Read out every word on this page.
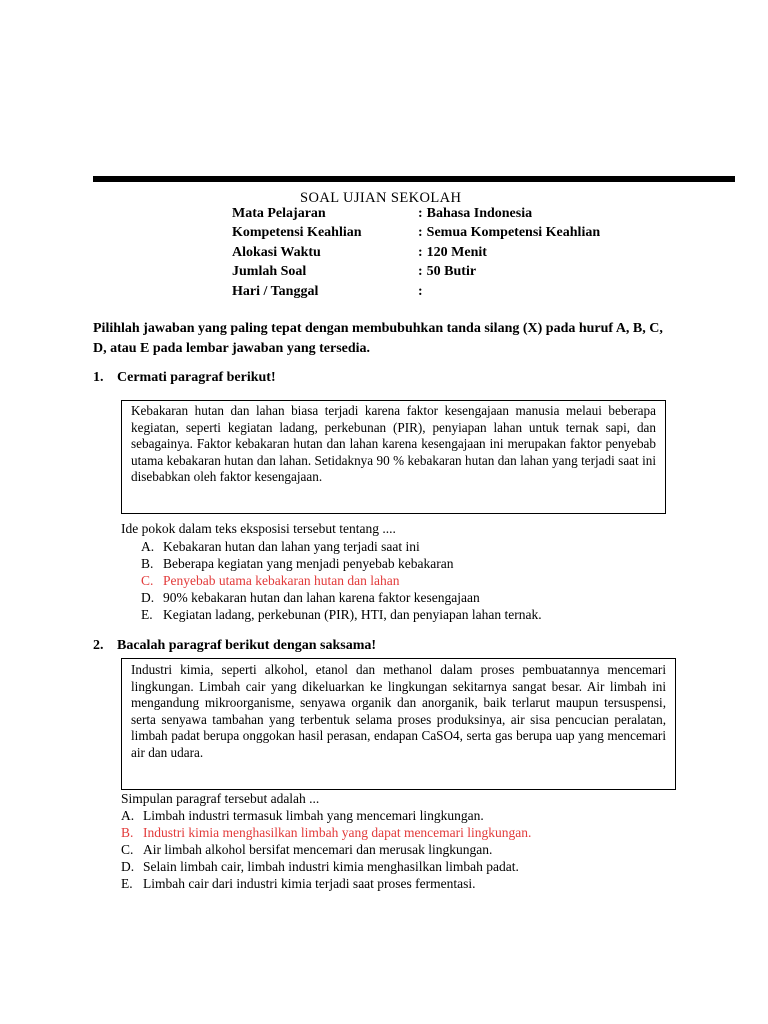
SOAL UJIAN SEKOLAH
Mata Pelajaran	: Bahasa Indonesia
Kompetensi Keahlian	: Semua Kompetensi Keahlian
Alokasi Waktu	: 120 Menit
Jumlah Soal	: 50 Butir
Hari / Tanggal	:
Pilihlah jawaban yang paling tepat dengan membubuhkan tanda silang (X) pada huruf A, B, C, D, atau E pada lembar jawaban yang tersedia.
1. Cermati paragraf berikut!
Kebakaran hutan dan lahan biasa terjadi karena faktor kesengajaan manusia melaui beberapa kegiatan, seperti kegiatan ladang, perkebunan (PIR), penyiapan lahan untuk ternak sapi, dan sebagainya. Faktor kebakaran hutan dan lahan karena kesengajaan ini merupakan faktor penyebab utama kebakaran hutan dan lahan. Setidaknya 90 % kebakaran hutan dan lahan yang terjadi saat ini disebabkan oleh faktor kesengajaan.
Ide pokok dalam teks eksposisi tersebut tentang ....
A. Kebakaran hutan dan lahan yang terjadi saat ini
B. Beberapa kegiatan yang menjadi penyebab kebakaran
C. Penyebab utama kebakaran hutan dan lahan
D. 90% kebakaran hutan dan lahan karena faktor kesengajaan
E. Kegiatan ladang, perkebunan (PIR), HTI, dan penyiapan lahan ternak.
2. Bacalah paragraf berikut dengan saksama!
Industri kimia, seperti alkohol, etanol dan methanol dalam proses pembuatannya mencemari lingkungan. Limbah cair yang dikeluarkan ke lingkungan sekitarnya sangat besar. Air limbah ini mengandung mikroorganisme, senyawa organik dan anorganik, baik terlarut maupun tersuspensi, serta senyawa tambahan yang terbentuk selama proses produksinya, air sisa pencucian peralatan, limbah padat berupa onggokan hasil perasan, endapan CaSO4, serta gas berupa uap yang mencemari air dan udara.
Simpulan paragraf tersebut adalah ...
A. Limbah industri termasuk limbah yang mencemari lingkungan.
B. Industri kimia menghasilkan limbah yang dapat mencemari lingkungan.
C. Air limbah alkohol bersifat mencemari dan merusak lingkungan.
D. Selain limbah cair, limbah industri kimia menghasilkan limbah padat.
E. Limbah cair dari industri kimia terjadi saat proses fermentasi.
